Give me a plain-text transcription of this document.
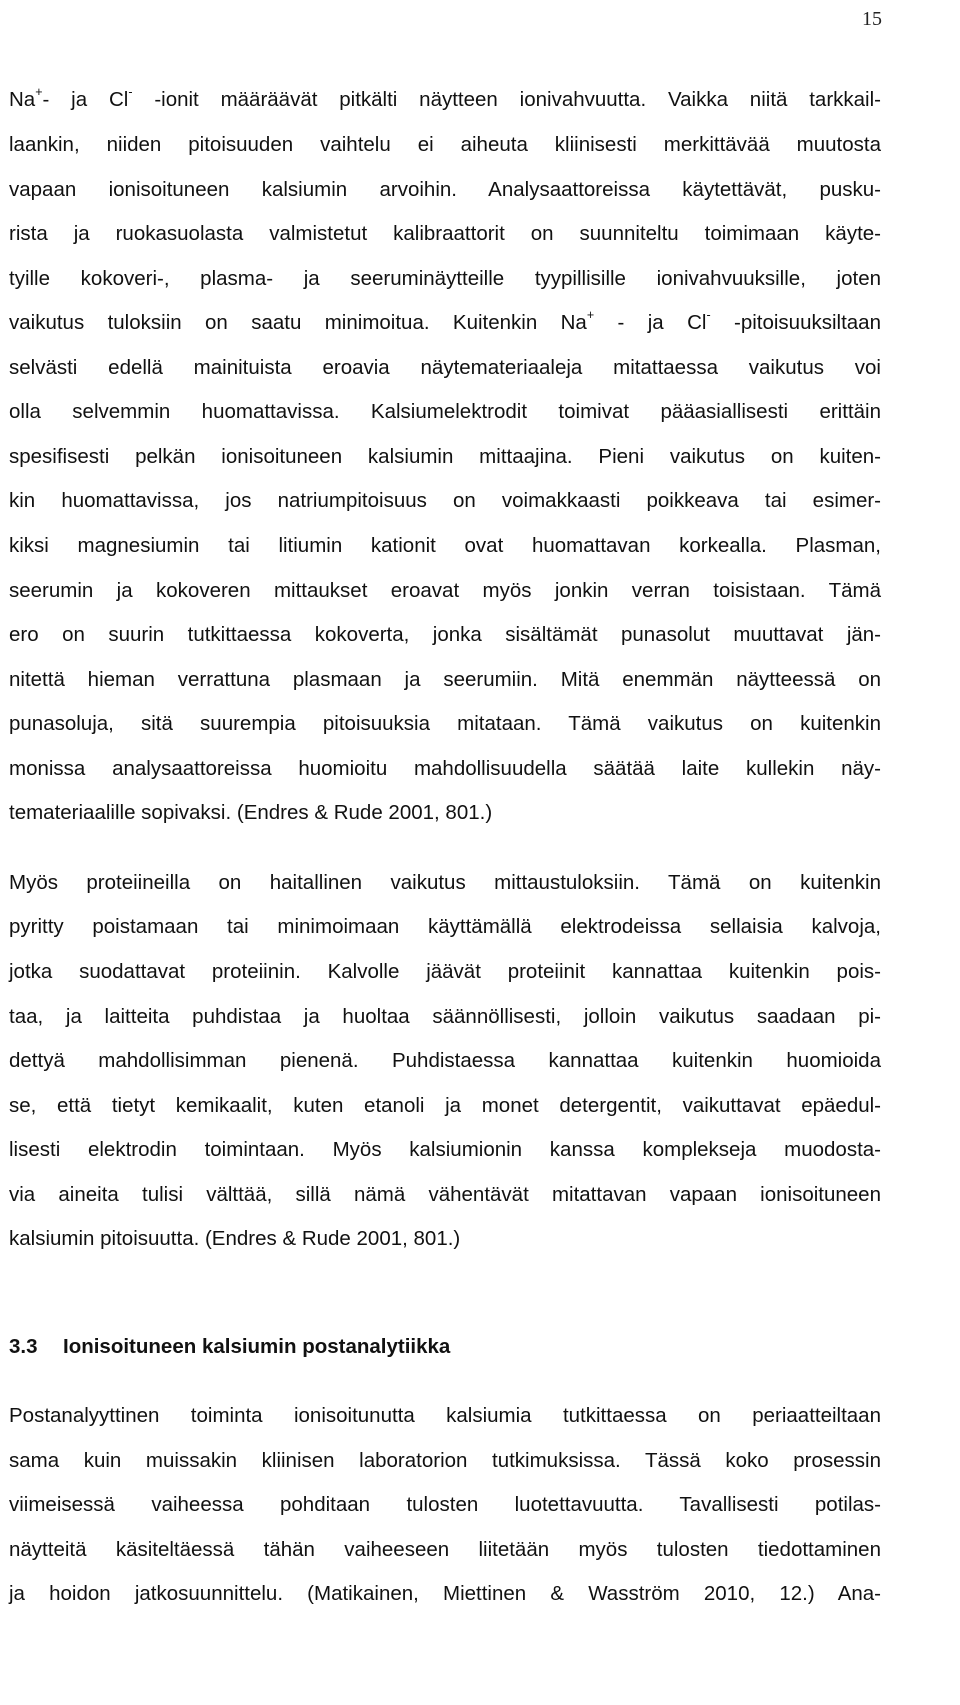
15
Na+- ja Cl- -ionit määräävät pitkälti näytteen ionivahvuutta. Vaikka niitä tarkkail-
laankin, niiden pitoisuuden vaihtelu ei aiheuta kliinisesti merkittävää muutosta
vapaan ionisoituneen kalsiumin arvoihin. Analysaattoreissa käytettävät, pusku-
rista ja ruokasuolasta valmistetut kalibraattorit on suunniteltu toimimaan käyte-
tyille kokoveri-, plasma- ja seeruminäytteille tyypillisille ionivahvuuksille, joten
vaikutus tuloksiin on saatu minimoitua. Kuitenkin Na+ - ja Cl- -pitoisuuksiltaan
selvästi edellä mainituista eroavia näytemateriaaleja mitattaessa vaikutus voi
olla selvemmin huomattavissa. Kalsiumelektrodit toimivat pääasiallisesti erittäin
spesifisesti pelkän ionisoituneen kalsiumin mittaajina. Pieni vaikutus on kuiten-
kin huomattavissa, jos natriumpitoisuus on voimakkaasti poikkeava tai esimer-
kiksi magnesiumin tai litiumin kationit ovat huomattavan korkealla. Plasman,
seerumin ja kokoveren mittaukset eroavat myös jonkin verran toisistaan. Tämä
ero on suurin tutkittaessa kokoverta, jonka sisältämät punasolut muuttavat jän-
nitettä hieman verrattuna plasmaan ja seerumiin. Mitä enemmän näytteessä on
punasoluja, sitä suurempia pitoisuuksia mitataan. Tämä vaikutus on kuitenkin
monissa analysaattoreissa huomioitu mahdollisuudella säätää laite kullekin näy-
temateriaalille sopivaksi. (Endres & Rude 2001, 801.)
Myös proteiineilla on haitallinen vaikutus mittaustuloksiin. Tämä on kuitenkin
pyritty poistamaan tai minimoimaan käyttämällä elektrodeissa sellaisia kalvoja,
jotka suodattavat proteiinin. Kalvolle jäävät proteiinit kannattaa kuitenkin pois-
taa, ja laitteita puhdistaa ja huoltaa säännöllisesti, jolloin vaikutus saadaan pi-
dettyä mahdollisimman pienenä. Puhdistaessa kannattaa kuitenkin huomioida
se, että tietyt kemikaalit, kuten etanoli ja monet detergentit, vaikuttavat epäedul-
lisesti elektrodin toimintaan. Myös kalsiumionin kanssa komplekseja muodosta-
via aineita tulisi välttää, sillä nämä vähentävät mitattavan vapaan ionisoituneen
kalsiumin pitoisuutta. (Endres & Rude 2001, 801.)
3.3 Ionisoituneen kalsiumin postanalytiikka
Postanalyyttinen toiminta ionisoitunutta kalsiumia tutkittaessa on periaatteiltaan
sama kuin muissakin kliinisen laboratorion tutkimuksissa. Tässä koko prosessin
viimeisessä vaiheessa pohditaan tulosten luotettavuutta. Tavallisesti potilas-
näytteitä käsiteltäessä tähän vaiheeseen liitetään myös tulosten tiedottaminen
ja hoidon jatkosuunnittelu. (Matikainen, Miettinen & Wasström 2010, 12.) Ana-
